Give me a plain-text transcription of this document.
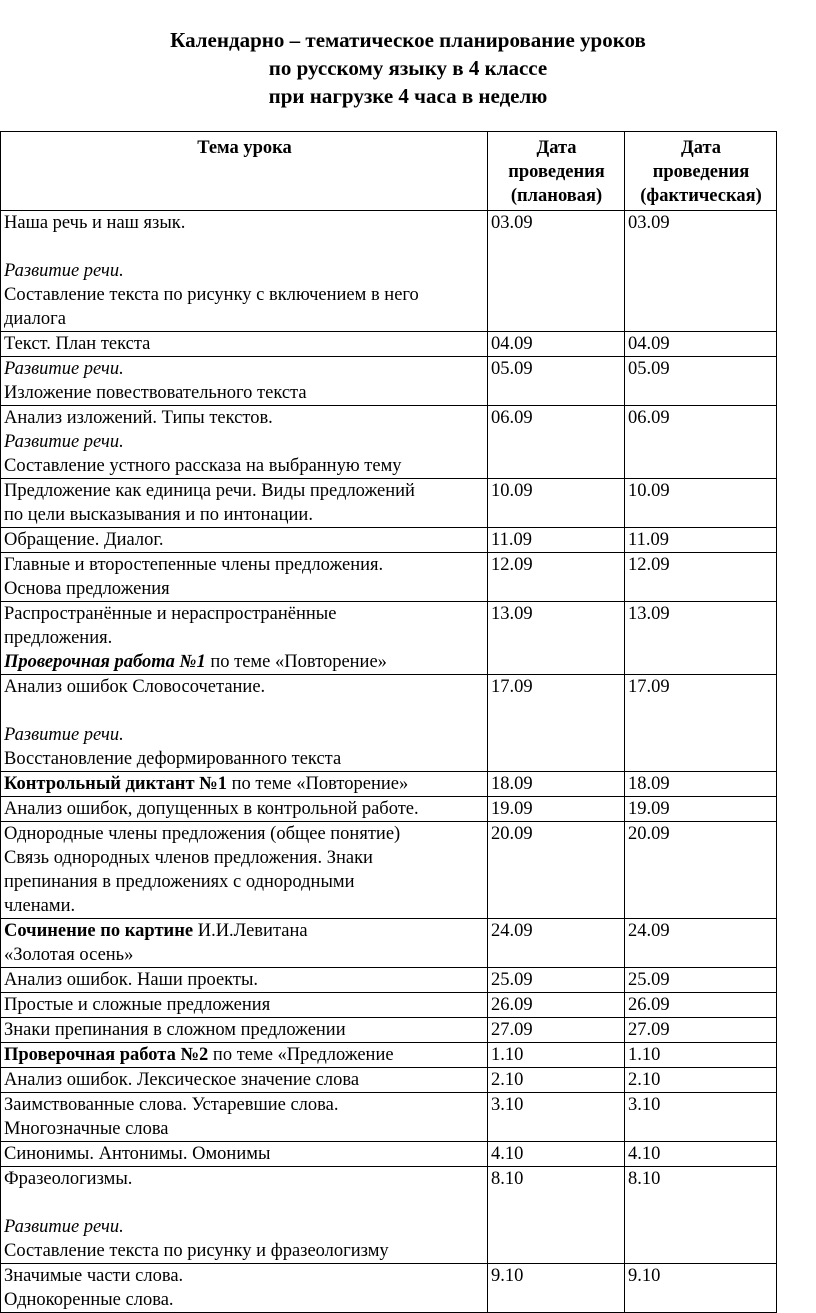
Календарно – тематическое планирование уроков
по русскому языку в 4 классе
при нагрузке 4 часа в неделю
Тема урока	Дата
проведения
(плановая)	Дата
проведения
(фактическая)

Наша речь и наш язык.
Развитие речи.
Составление текста по рисунку с включением в него
диалога	03.09	03.09

Текст. План текста	04.09	04.09

Развитие речи.
Изложение повествовательного текста	05.09	05.09

Анализ изложений. Типы текстов.
Развитие речи.
Составление устного рассказа на выбранную тему	06.09	06.09

Предложение как единица речи. Виды предложений
по цели высказывания и по интонации.	10.09	10.09

Обращение. Диалог.	11.09	11.09

Главные и второстепенные члены предложения.
Основа предложения	12.09	12.09

Распространённые и нераспространённые
предложения.
Проверочная работа №1 по теме «Повторение»	13.09	13.09

Анализ ошибок Словосочетание.
Развитие речи.
Восстановление деформированного текста	17.09	17.09

Контрольный диктант №1 по теме «Повторение»	18.09	18.09

Анализ ошибок, допущенных в контрольной работе.	19.09	19.09

Однородные члены предложения (общее понятие)
Связь однородных членов предложения. Знаки
препинания в предложениях с однородными
членами.	20.09	20.09

Сочинение по картине И.И.Левитана
«Золотая осень»	24.09	24.09

Анализ ошибок. Наши проекты.	25.09	25.09

Простые и сложные предложения	26.09	26.09

Знаки препинания в сложном предложении	27.09	27.09

Проверочная работа №2 по теме «Предложение	1.10	1.10

Анализ ошибок. Лексическое значение слова	2.10	2.10

Заимствованные слова. Устаревшие слова.
Многозначные слова	3.10	3.10

Синонимы. Антонимы. Омонимы	4.10	4.10

Фразеологизмы.
Развитие речи.
Составление текста по рисунку и фразеологизму	8.10	8.10

Значимые части слова.
Однокоренные слова.	9.10	9.10
